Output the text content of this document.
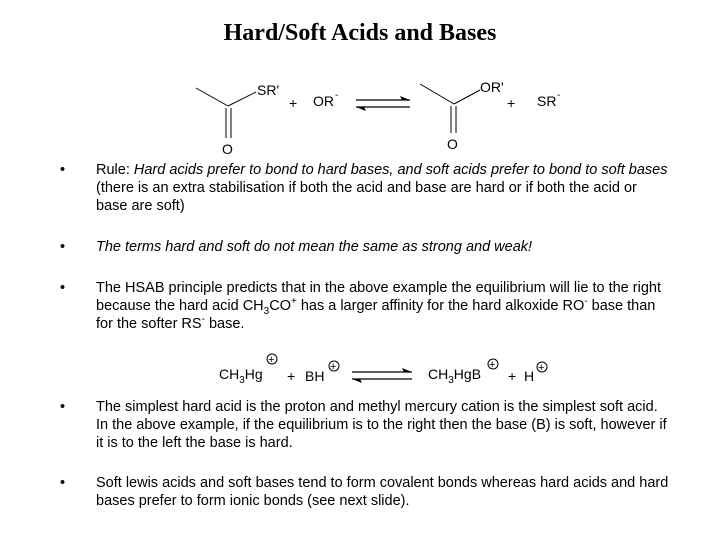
Hard/Soft Acids and Bases
SR'
O
+ OR -
OR'
O
+ SR -
• Rule: Hard acids prefer to bond to hard bases, and soft acids prefer to bond to soft bases (there is an extra stabilisation if both the acid and base are hard or if both the acid or base are soft)
• The terms hard and soft do not mean the same as strong and weak!
• The HSAB principle predicts that in the above example the equilibrium will lie to the right because the hard acid $CH_3CO^+$ has a larger affinity for the hard alkoxide RO- base than for the softer RS- base.
$CH_3Hg$
+
+ BH
+	$CH_3HgB$
+
+ H +
• The simplest hard acid is the proton and methyl mercury cation is the simplest soft acid. In the above example, if the equilibrium is to the right then the base (B) is soft, however if it is to the left the base is hard.
• Soft lewis acids and soft bases tend to form covalent bonds whereas hard acids and hard bases prefer to form ionic bonds (see next slide).
